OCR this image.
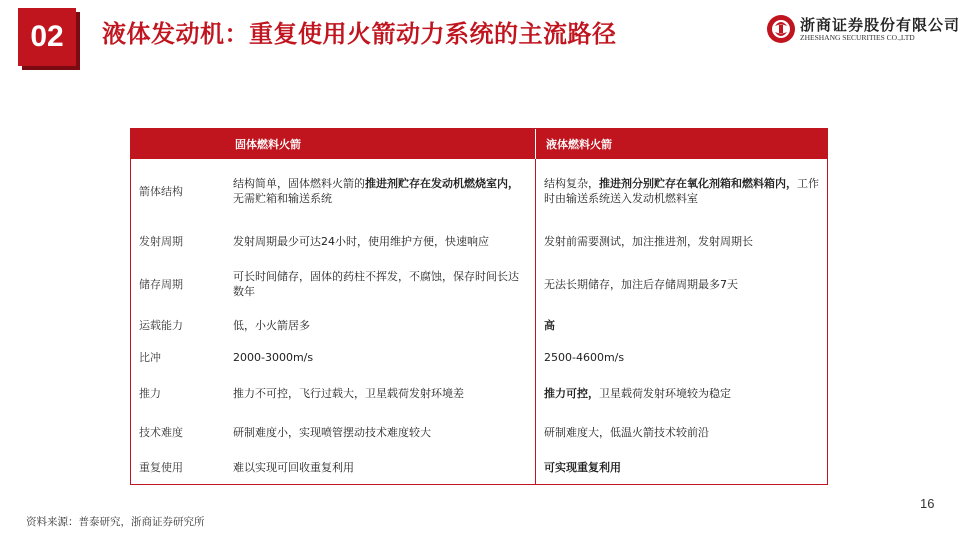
02	液体发动机：重复使用火箭动力系统的主流路径	浙商证券股份有限公司
ZHESHANG SECURITIES CO.,LTD
	固体燃料火箭	液体燃料火箭
箭体结构	结构简单，固体燃料火箭的推进剂贮存在发动机燃烧室内，无需贮箱和输送系统	结构复杂，推进剂分别贮存在氧化剂箱和燃料箱内，工作时由输送系统送入发动机燃料室
发射周期	发射周期最少可达24小时，使用维护方便，快速响应	发射前需要测试，加注推进剂，发射周期长
储存周期	可长时间储存，固体的药柱不挥发，不腐蚀，保存时间长达数年	无法长期储存，加注后存储周期最多7天
运载能力	低，小火箭居多	高
比冲	2000-3000m/s	2500-4600m/s
推力	推力不可控，飞行过载大，卫星载荷发射环境差	推力可控，卫星载荷发射环境较为稳定
技术难度	研制难度小，实现喷管摆动技术难度较大	研制难度大，低温火箭技术较前沿
重复使用	难以实现可回收重复利用	可实现重复利用
16
资料来源：普泰研究，浙商证券研究所
